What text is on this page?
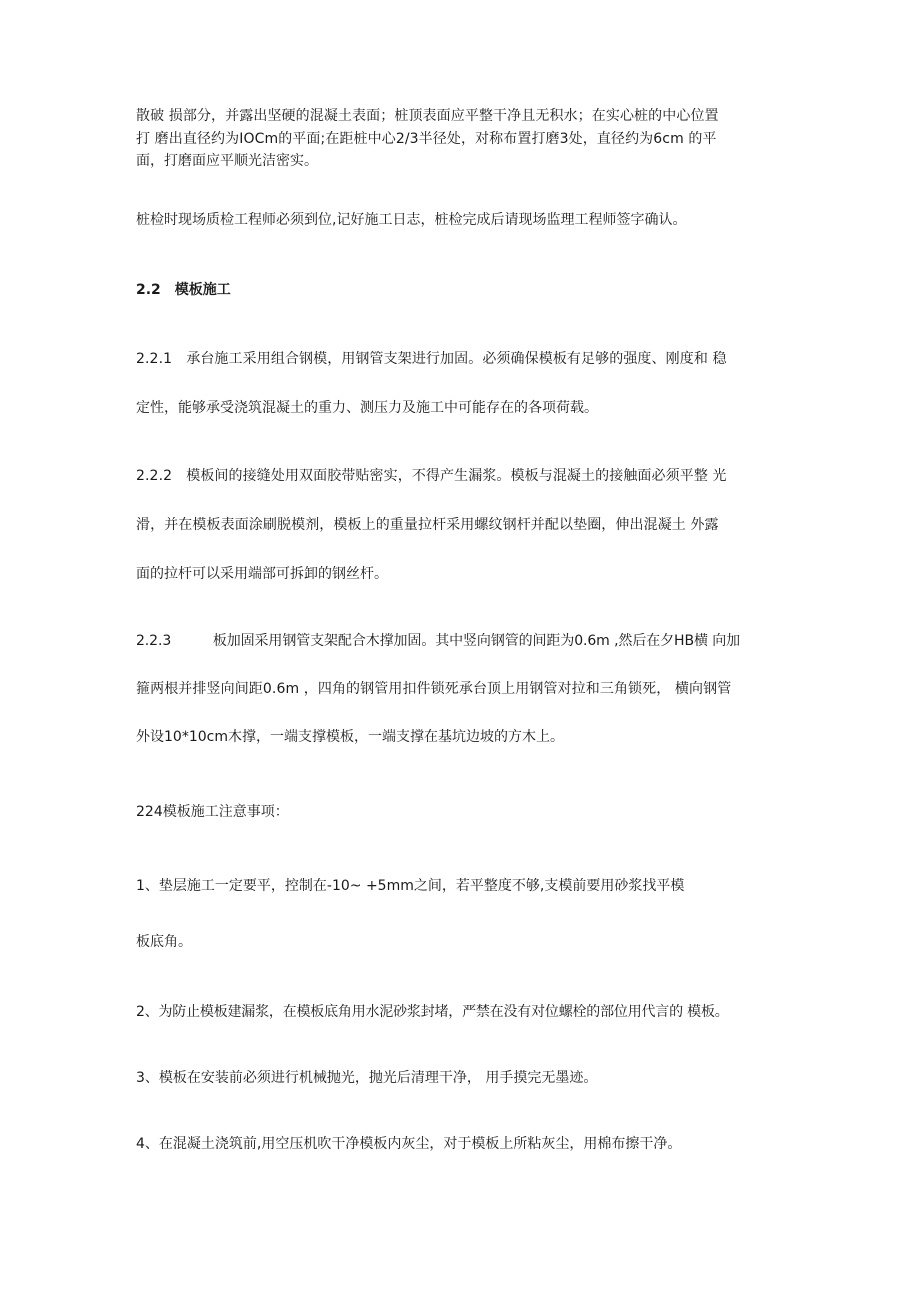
散破 损部分，并露出坚硬的混凝土表面；桩顶表面应平整干净且无积水；在实心桩的中心位置

打 磨出直径约为IOCm的平面;在距桩中心2/3半径处，对称布置打磨3处，直径约为6cm 的平

面，打磨面应平顺光洁密实。

桩检时现场质检工程师必须到位,记好施工日志，桩检完成后请现场监理工程师签字确认。

2.2　模板施工

2.2.1　承台施工采用组合钢模，用钢管支架进行加固。必须确保模板有足够的强度、刚度和 稳

定性，能够承受浇筑混凝土的重力、测压力及施工中可能存在的各项荷载。

2.2.2　模板间的接缝处用双面胶带贴密实，不得产生漏浆。模板与混凝土的接触面必须平整 光

滑，并在模板表面涂刷脱模剂，模板上的重量拉杆采用螺纹钢杆并配以垫圈，伸出混凝土 外露

面的拉杆可以采用端部可拆卸的钢丝杆。

2.2.3　　　板加固采用钢管支架配合木撑加固。其中竖向钢管的间距为0.6m ,然后在夕HB横 向加

箍两根并排竖向间距0.6m ，四角的钢管用扣件锁死承台顶上用钢管对拉和三角锁死， 横向钢管

外设10*10cm木撑，一端支撑模板，一端支撑在基坑边坡的方木上。

224模板施工注意事项：

1、垫层施工一定要平，控制在-10~ +5mm之间，若平整度不够,支模前要用砂浆找平模

板底角。

2、为防止模板建漏浆，在模板底角用水泥砂浆封堵，严禁在没有对位螺栓的部位用代言的 模板。

3、模板在安装前必须进行机械抛光，抛光后清理干净， 用手摸完无墨迹。

4、在混凝土浇筑前,用空压机吹干净模板内灰尘，对于模板上所粘灰尘，用棉布擦干净。
